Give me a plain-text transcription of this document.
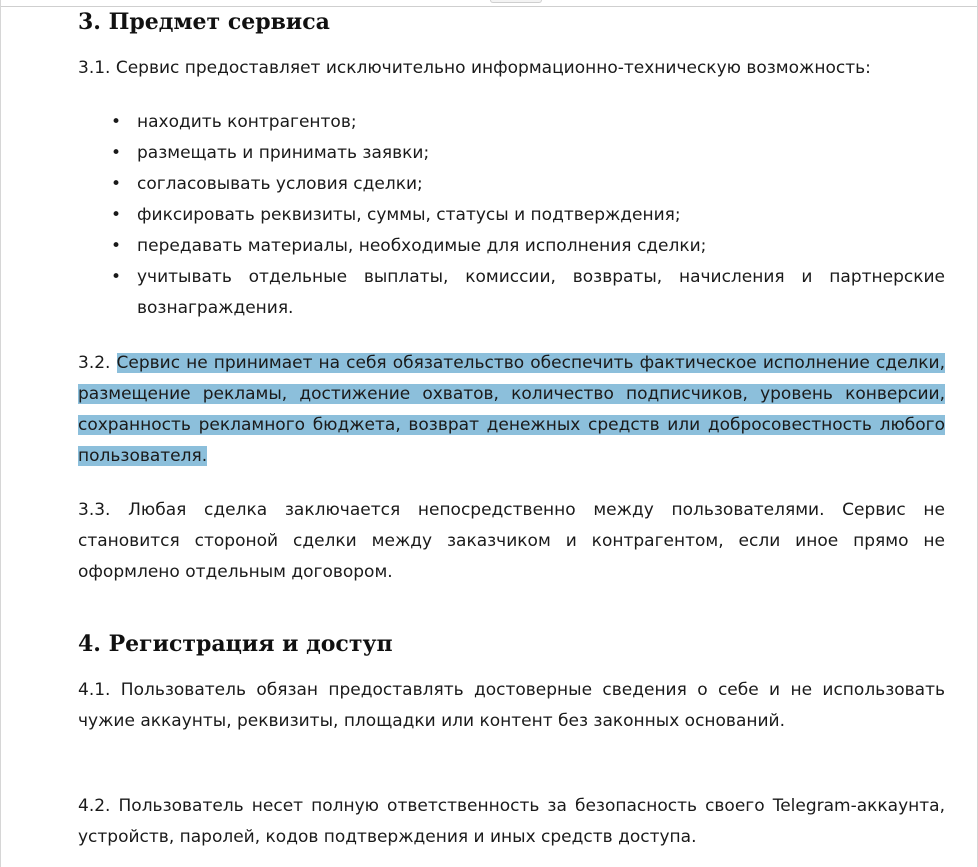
3. Предмет сервиса

3.1. Сервис предоставляет исключительно информационно-техническую возможность:

• находить контрагентов;
• размещать и принимать заявки;
• согласовывать условия сделки;
• фиксировать реквизиты, суммы, статусы и подтверждения;
• передавать материалы, необходимые для исполнения сделки;
• учитывать отдельные выплаты, комиссии, возвраты, начисления и партнерские вознаграждения.

3.2. Сервис не принимает на себя обязательство обеспечить фактическое исполнение сделки, размещение рекламы, достижение охватов, количество подписчиков, уровень конверсии, сохранность рекламного бюджета, возврат денежных средств или добросовестность любого пользователя.

3.3. Любая сделка заключается непосредственно между пользователями. Сервис не становится стороной сделки между заказчиком и контрагентом, если иное прямо не оформлено отдельным договором.

4. Регистрация и доступ

4.1. Пользователь обязан предоставлять достоверные сведения о себе и не использовать чужие аккаунты, реквизиты, площадки или контент без законных оснований.

4.2. Пользователь несет полную ответственность за безопасность своего Telegram-аккаунта, устройств, паролей, кодов подтверждения и иных средств доступа.
